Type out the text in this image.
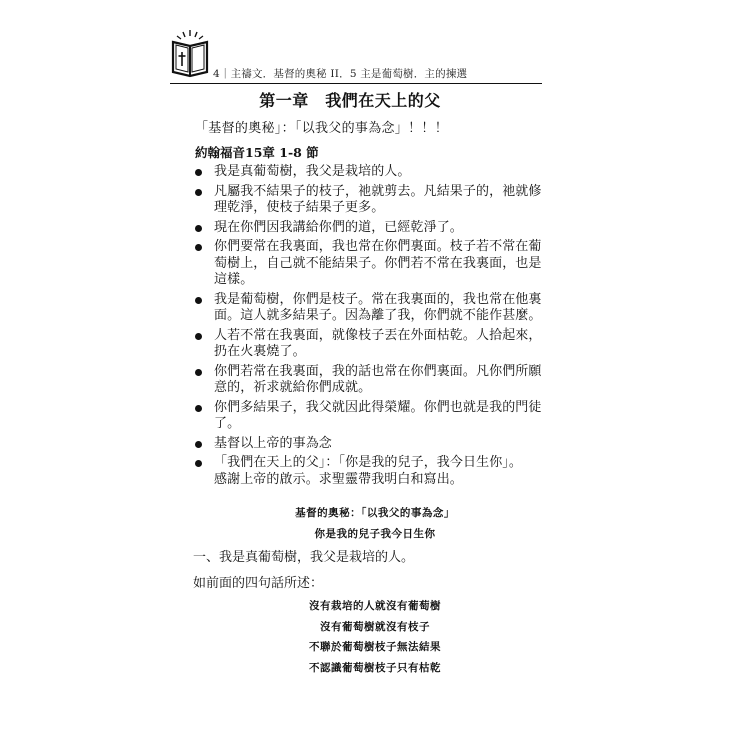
4｜主禱文．基督的奧秘 II．5 主是葡萄樹．主的揀選
第一章　我們在天上的父
「基督的奧秘」：「以我父的事為念」！！！
約翰福音15章 1-8 節
我是真葡萄樹，我父是栽培的人。
凡屬我不結果子的枝子，祂就剪去。凡結果子的，祂就修
理乾淨，使枝子結果子更多。
現在你們因我講給你們的道，已經乾淨了。
你們要常在我裏面，我也常在你們裏面。枝子若不常在葡
萄樹上，自己就不能結果子。你們若不常在我裏面，也是
這樣。
我是葡萄樹，你們是枝子。常在我裏面的，我也常在他裏
面。這人就多結果子。因為離了我，你們就不能作甚麼。
人若不常在我裏面，就像枝子丟在外面枯乾。人拾起來，
扔在火裏燒了。
你們若常在我裏面，我的話也常在你們裏面。凡你們所願
意的，祈求就給你們成就。
你們多結果子，我父就因此得榮耀。你們也就是我的門徒
了。
基督以上帝的事為念
「我們在天上的父」：「你是我的兒子，我今日生你」。
感謝上帝的啟示。求聖靈帶我明白和寫出。
基督的奧秘：「以我父的事為念」
你是我的兒子我今日生你
一、我是真葡萄樹，我父是栽培的人。
如前面的四句話所述：
沒有栽培的人就沒有葡萄樹
沒有葡萄樹就沒有枝子
不聯於葡萄樹枝子無法結果
不認識葡萄樹枝子只有枯乾
